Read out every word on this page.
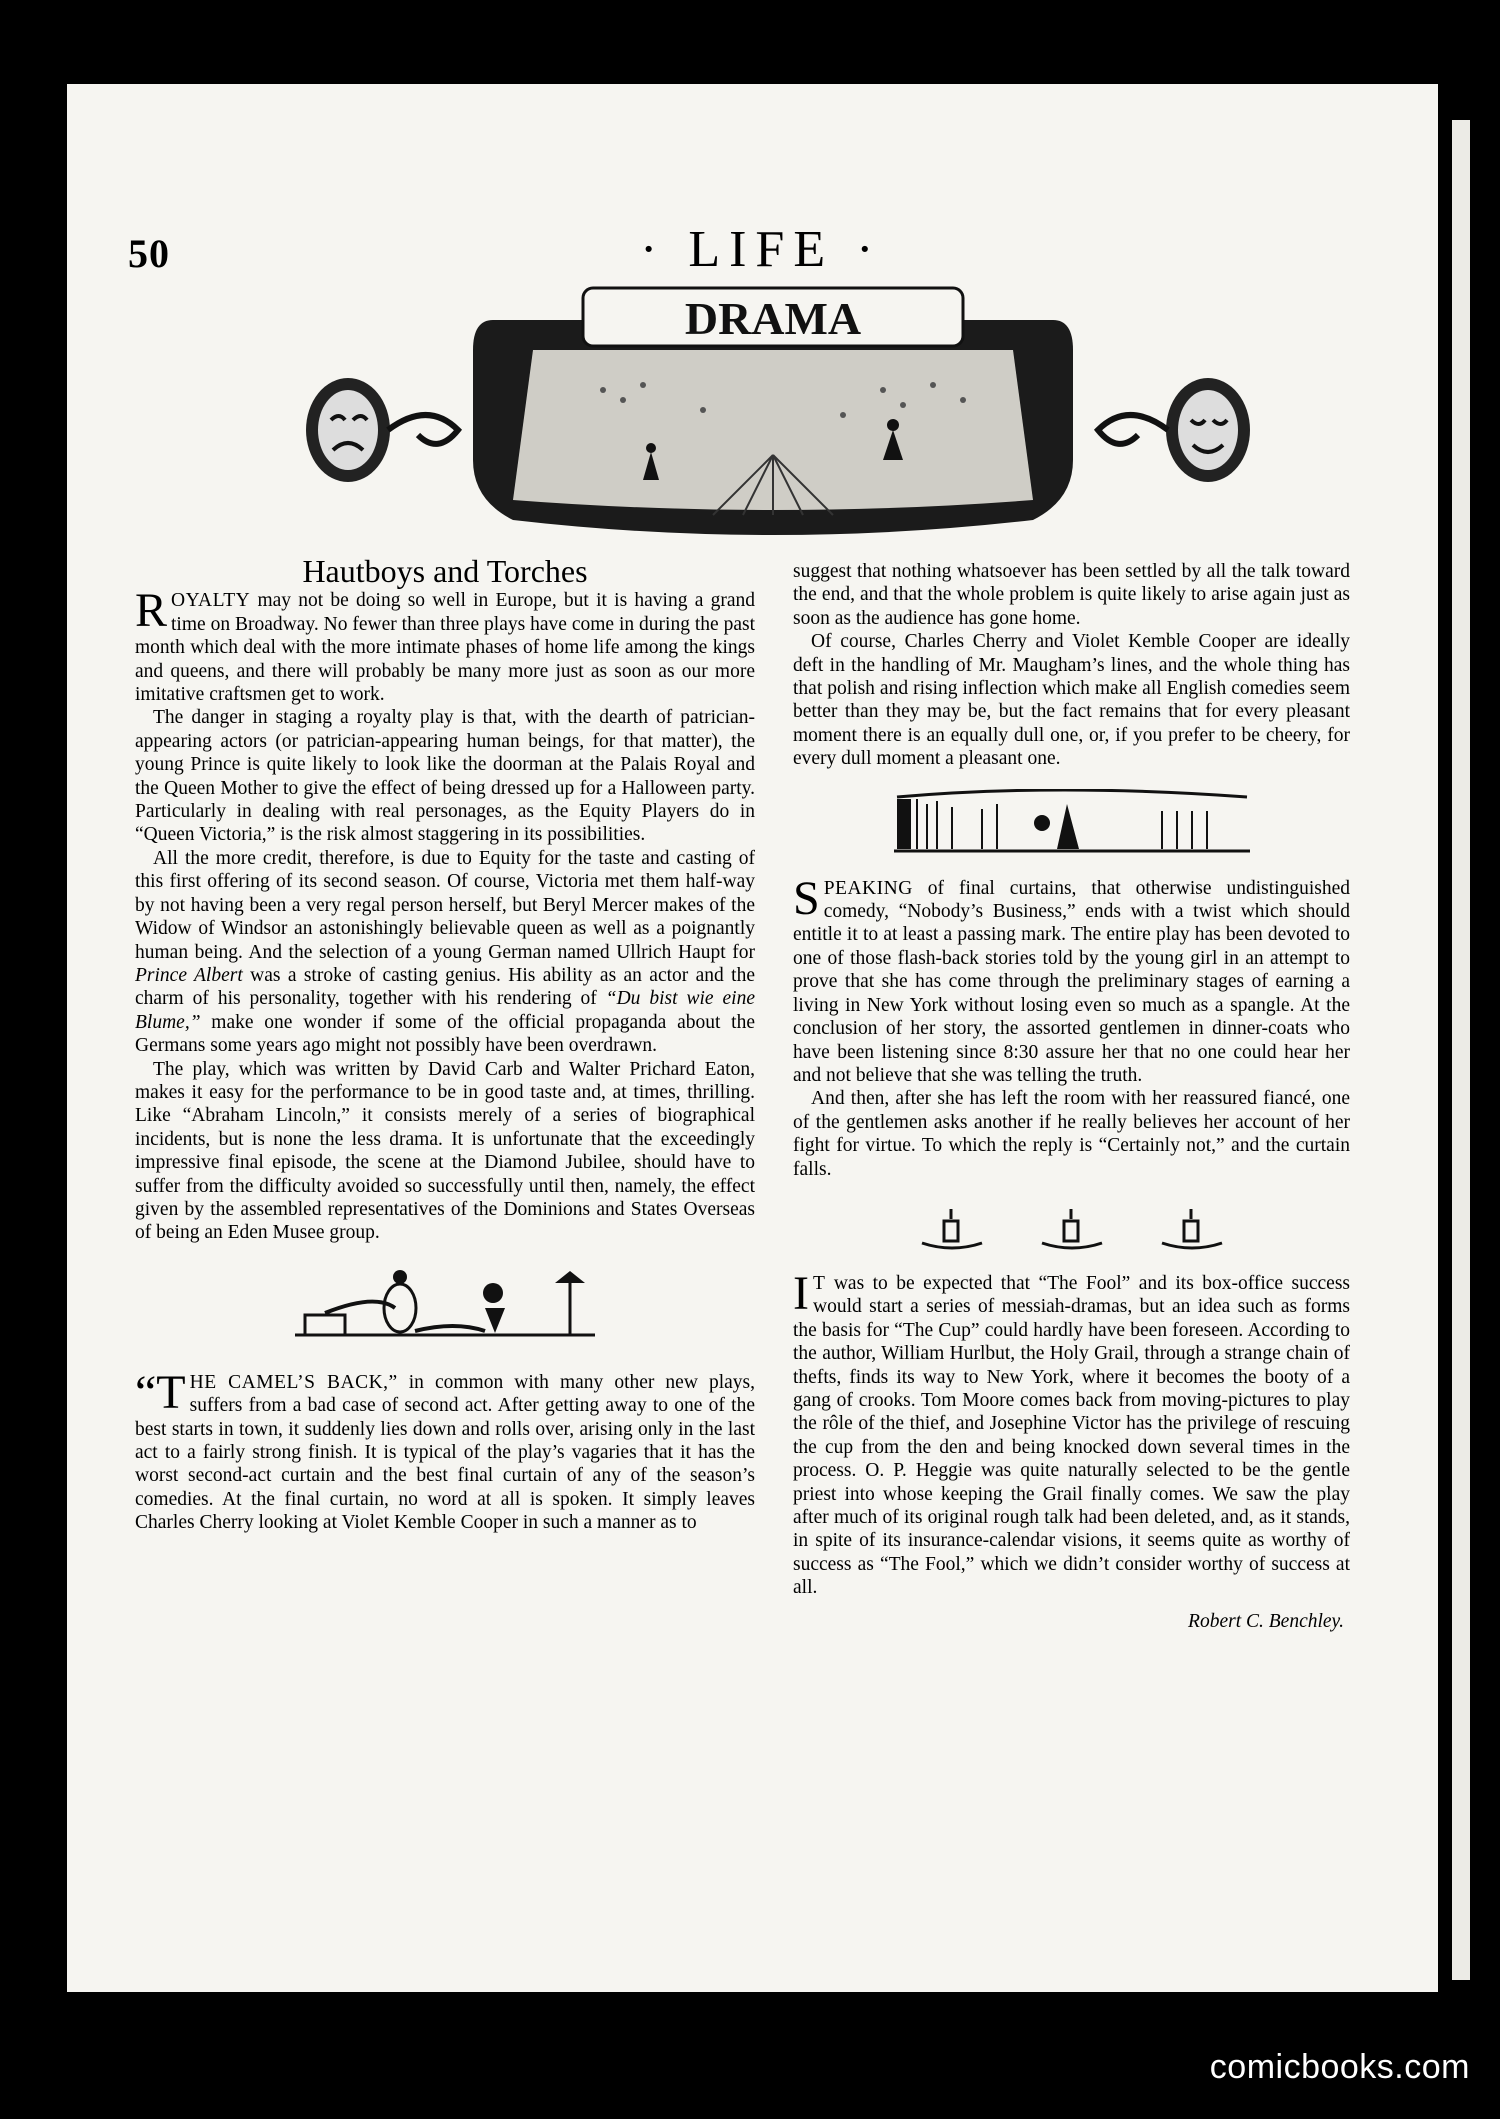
50	· LIFE ·
DRAMA
Hautboys and Torches

ROYALTY may not be doing so well in Europe, but it is having a grand time on Broadway. No fewer than three plays have come in during the past month which deal with the more intimate phases of home life among the kings and queens, and there will probably be many more just as soon as our more imitative craftsmen get to work.

The danger in staging a royalty play is that, with the dearth of patrician-appearing actors (or patrician-appearing human beings, for that matter), the young Prince is quite likely to look like the doorman at the Palais Royal and the Queen Mother to give the effect of being dressed up for a Halloween party. Particularly in dealing with real personages, as the Equity Players do in “Queen Victoria,” is the risk almost staggering in its possibilities.

All the more credit, therefore, is due to Equity for the taste and casting of this first offering of its second season. Of course, Victoria met them half-way by not having been a very regal person herself, but Beryl Mercer makes of the Widow of Windsor an astonishingly believable queen as well as a poignantly human being. And the selection of a young German named Ullrich Haupt for Prince Albert was a stroke of casting genius. His ability as an actor and the charm of his personality, together with his rendering of “Du bist wie eine Blume,” make one wonder if some of the official propaganda about the Germans some years ago might not possibly have been overdrawn.

The play, which was written by David Carb and Walter Prichard Eaton, makes it easy for the performance to be in good taste and, at times, thrilling. Like “Abraham Lincoln,” it consists merely of a series of biographical incidents, but is none the less drama. It is unfortunate that the exceedingly impressive final episode, the scene at the Diamond Jubilee, should have to suffer from the difficulty avoided so successfully until then, namely, the effect given by the assembled representatives of the Dominions and States Overseas of being an Eden Musee group.

“THE CAMEL’S BACK,” in common with many other new plays, suffers from a bad case of second act. After getting away to one of the best starts in town, it suddenly lies down and rolls over, arising only in the last act to a fairly strong finish. It is typical of the play’s vagaries that it has the worst second-act curtain and the best final curtain of any of the season’s comedies. At the final curtain, no word at all is spoken. It simply leaves Charles Cherry looking at Violet Kemble Cooper in such a manner as to

suggest that nothing whatsoever has been settled by all the talk toward the end, and that the whole problem is quite likely to arise again just as soon as the audience has gone home.

Of course, Charles Cherry and Violet Kemble Cooper are ideally deft in the handling of Mr. Maugham’s lines, and the whole thing has that polish and rising inflection which make all English comedies seem better than they may be, but the fact remains that for every pleasant moment there is an equally dull one, or, if you prefer to be cheery, for every dull moment a pleasant one.

SPEAKING of final curtains, that otherwise undistinguished comedy, “Nobody’s Business,” ends with a twist which should entitle it to at least a passing mark. The entire play has been devoted to one of those flash-back stories told by the young girl in an attempt to prove that she has come through the preliminary stages of earning a living in New York without losing even so much as a spangle. At the conclusion of her story, the assorted gentlemen in dinner-coats who have been listening since 8:30 assure her that no one could hear her and not believe that she was telling the truth.

And then, after she has left the room with her reassured fiancé, one of the gentlemen asks another if he really believes her account of her fight for virtue. To which the reply is “Certainly not,” and the curtain falls.

I T was to be expected that “The Fool” and its box-office success would start a series of messiah-dramas, but an idea such as forms the basis for “The Cup” could hardly have been foreseen. According to the author, William Hurlbut, the Holy Grail, through a strange chain of thefts, finds its way to New York, where it becomes the booty of a gang of crooks. Tom Moore comes back from moving-pictures to play the rôle of the thief, and Josephine Victor has the privilege of rescuing the cup from the den and being knocked down several times in the process. O. P. Heggie was quite naturally selected to be the gentle priest into whose keeping the Grail finally comes. We saw the play after much of its original rough talk had been deleted, and, as it stands, in spite of its insurance-calendar visions, it seems quite as worthy of success as “The Fool,” which we didn’t consider worthy of success at all.

Robert C. Benchley.
comicbooks.com
